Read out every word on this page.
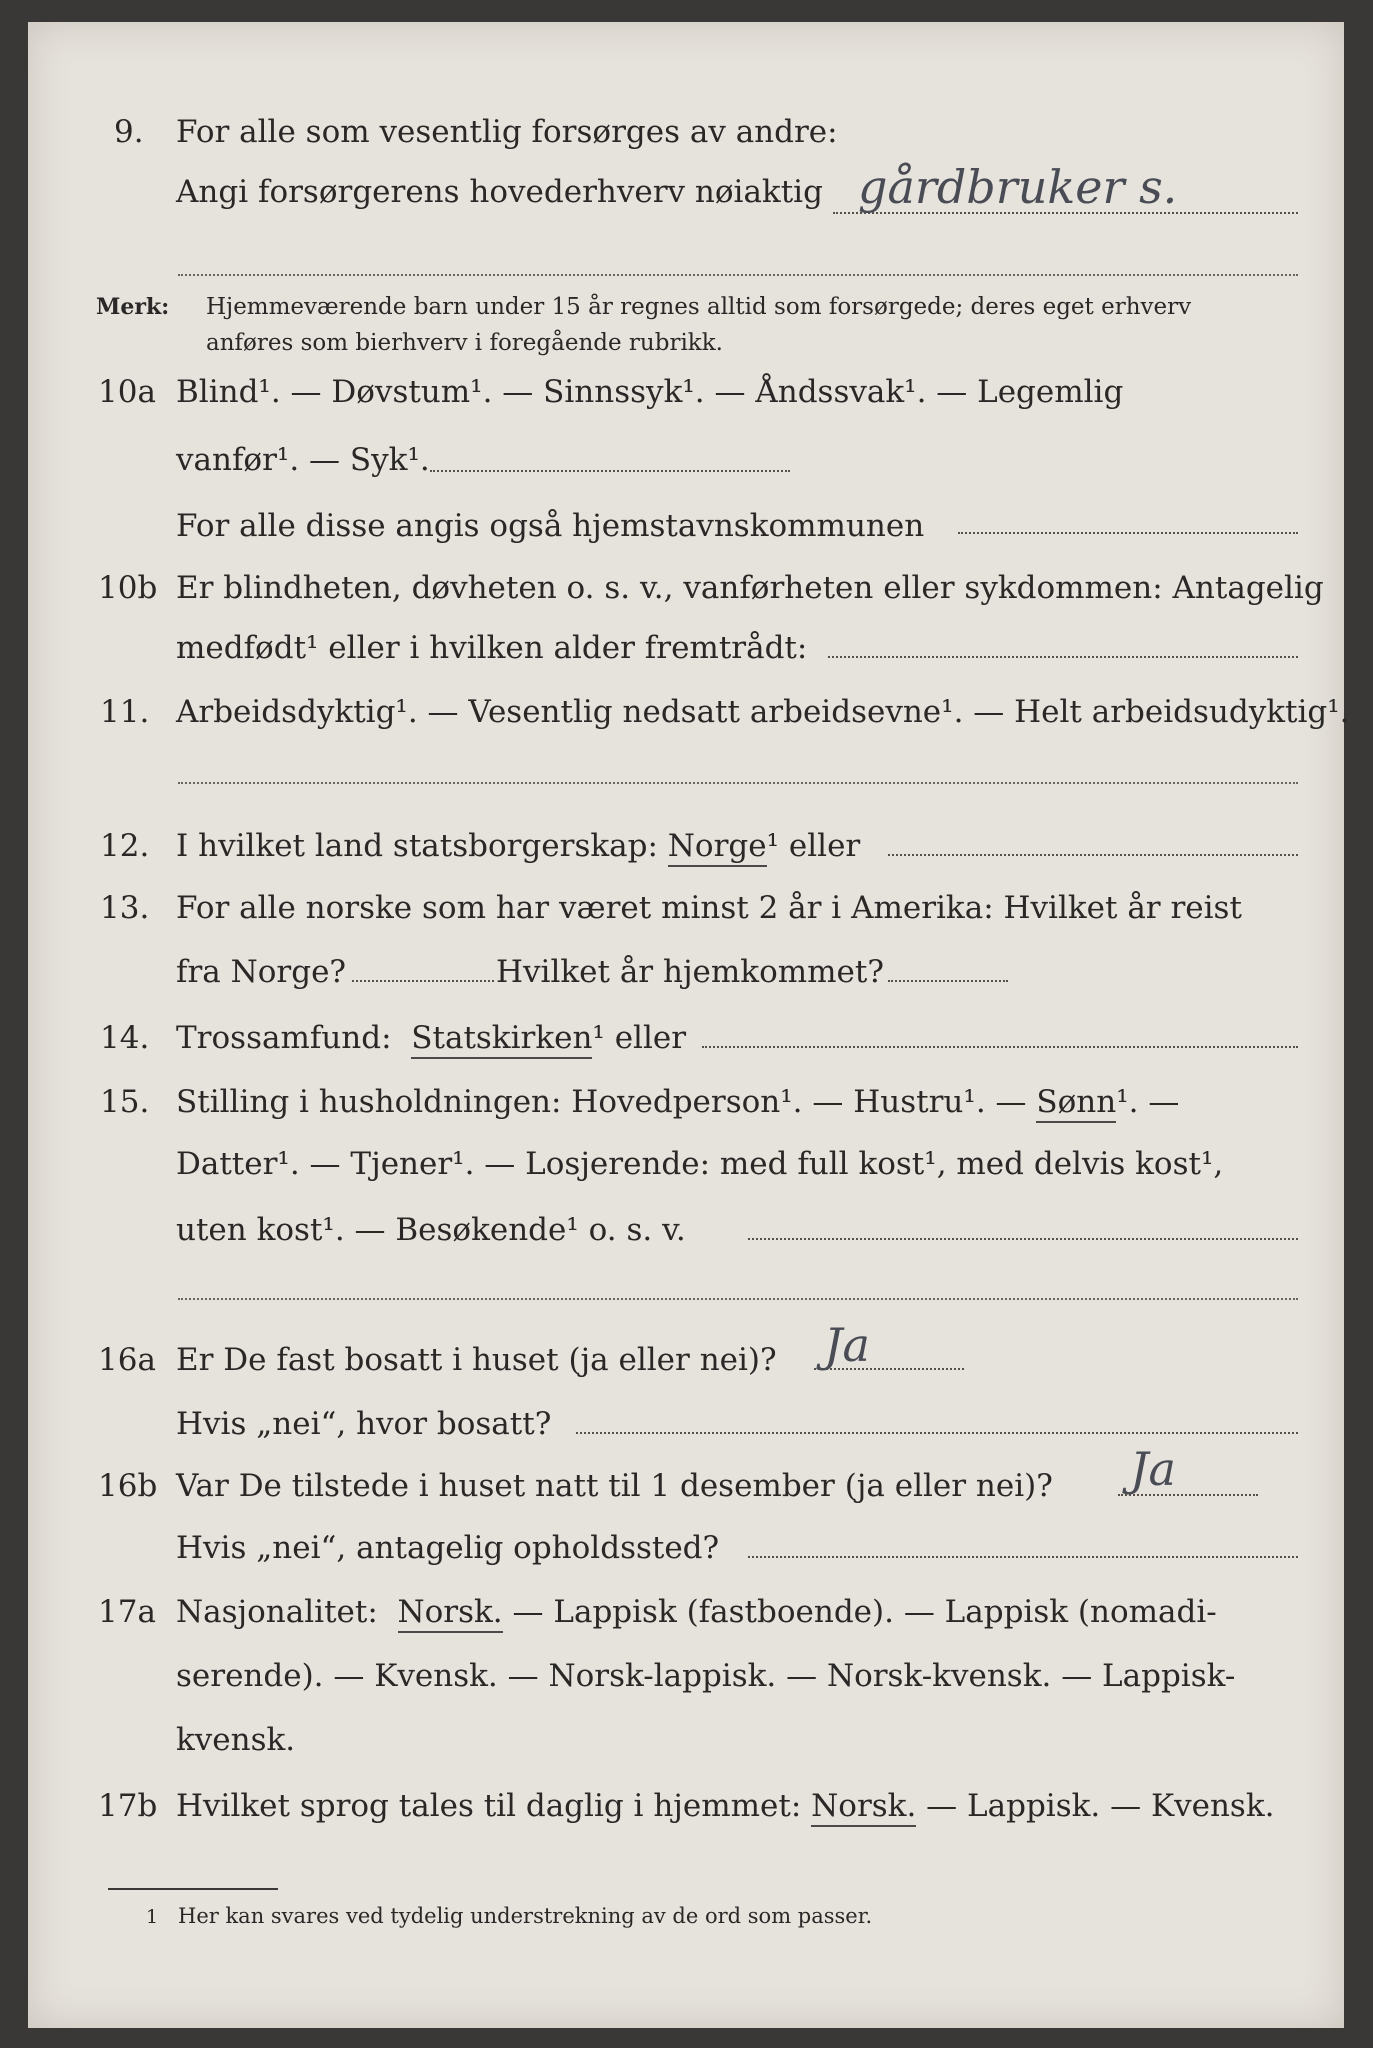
9. For alle som vesentlig forsørges av andre:
Angi forsørgerens hovederhverv nøiaktig gårdbruker s.
Merk: Hjemmeværende barn under 15 år regnes alltid som forsørgede; deres eget erhverv
anføres som bierhverv i foregående rubrikk.
10a Blind¹. — Døvstum¹. — Sinnssyk¹. — Åndssvak¹. — Legemlig
vanfør¹. — Syk¹.
For alle disse angis også hjemstavnskommunen
10b Er blindheten, døvheten o. s. v., vanførheten eller sykdommen: Antagelig
medfødt¹ eller i hvilken alder fremtrådt:
11. Arbeidsdyktig¹. — Vesentlig nedsatt arbeidsevne¹. — Helt arbeidsudyktig¹.
12. I hvilket land statsborgerskap: Norge¹ eller
13. For alle norske som har været minst 2 år i Amerika: Hvilket år reist
fra Norge?	Hvilket år hjemkommet?
14. Trossamfund: Statskirken¹ eller
15. Stilling i husholdningen: Hovedperson¹. — Hustru¹. — Sønn¹. —
Datter¹. — Tjener¹. — Losjerende: med full kost¹, med delvis kost¹,
uten kost¹. — Besøkende¹ o. s. v.
16a Er De fast bosatt i huset (ja eller nei)? Ja
Hvis „nei“, hvor bosatt?
16b Var De tilstede i huset natt til 1 desember (ja eller nei)? Ja
Hvis „nei“, antagelig opholdssted?
17a Nasjonalitet: Norsk. — Lappisk (fastboende). — Lappisk (nomadi-
serende). — Kvensk. — Norsk-lappisk. — Norsk-kvensk. — Lappisk-
kvensk.
17b Hvilket sprog tales til daglig i hjemmet: Norsk. — Lappisk. — Kvensk.
1 Her kan svares ved tydelig understrekning av de ord som passer.
